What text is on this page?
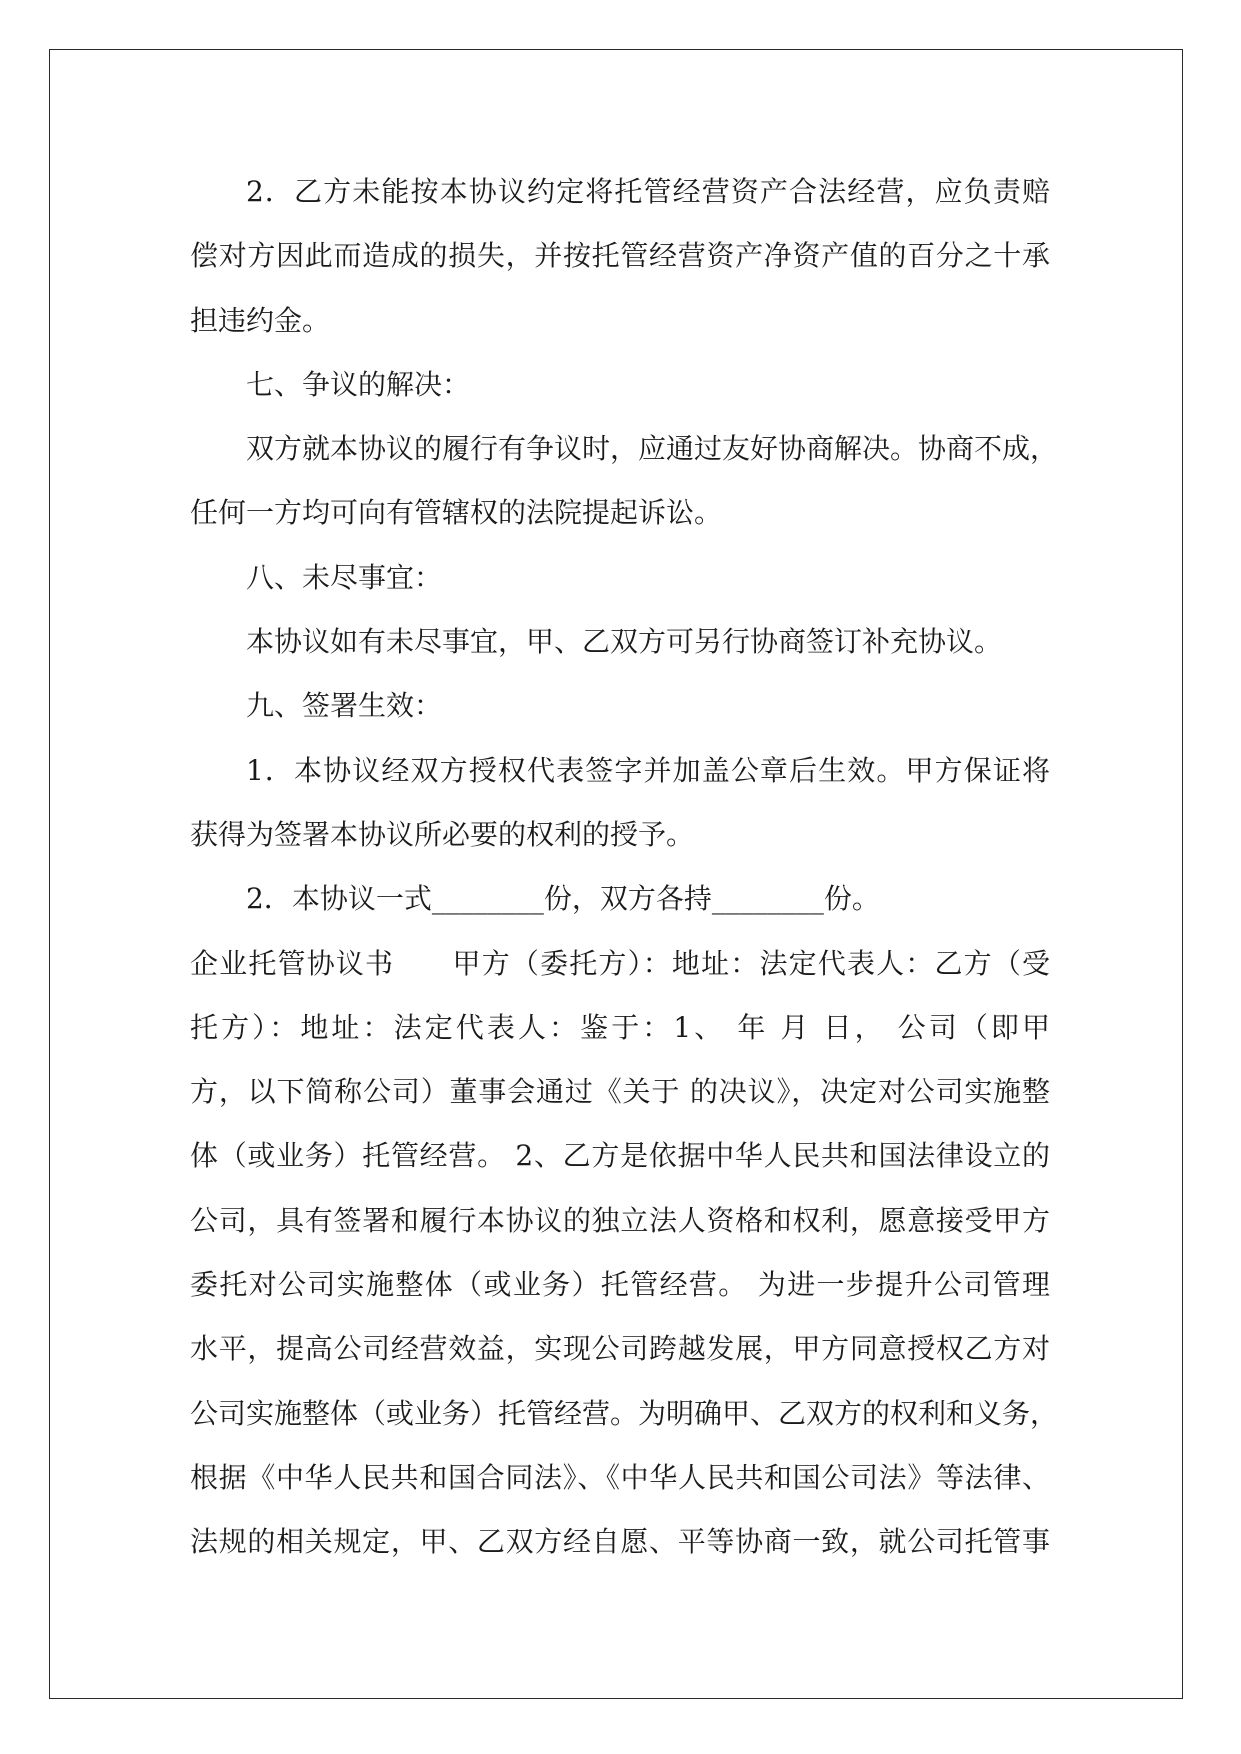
2．乙方未能按本协议约定将托管经营资产合法经营，应负责赔
偿对方因此而造成的损失，并按托管经营资产净资产值的百分之十承
担违约金。

七、争议的解决：

双方就本协议的履行有争议时，应通过友好协商解决。协商不成，
任何一方均可向有管辖权的法院提起诉讼。

八、未尽事宜：

本协议如有未尽事宜，甲、乙双方可另行协商签订补充协议。

九、签署生效：

1．本协议经双方授权代表签字并加盖公章后生效。甲方保证将
获得为签署本协议所必要的权利的授予。

2．本协议一式________份，双方各持________份。

企业托管协议书　　甲方（委托方）：地址：法定代表人：乙方（受
托方）：地址：法定代表人：鉴于：1、 年 月 日， 公司（即甲
方，以下简称公司）董事会通过《关于 的决议》，决定对公司实施整
体（或业务）托管经营。 2、乙方是依据中华人民共和国法律设立的
公司，具有签署和履行本协议的独立法人资格和权利，愿意接受甲方
委托对公司实施整体（或业务）托管经营。 为进一步提升公司管理
水平，提高公司经营效益，实现公司跨越发展，甲方同意授权乙方对
公司实施整体（或业务）托管经营。为明确甲、乙双方的权利和义务，
根据《中华人民共和国合同法》、《中华人民共和国公司法》等法律、
法规的相关规定，甲、乙双方经自愿、平等协商一致，就公司托管事
